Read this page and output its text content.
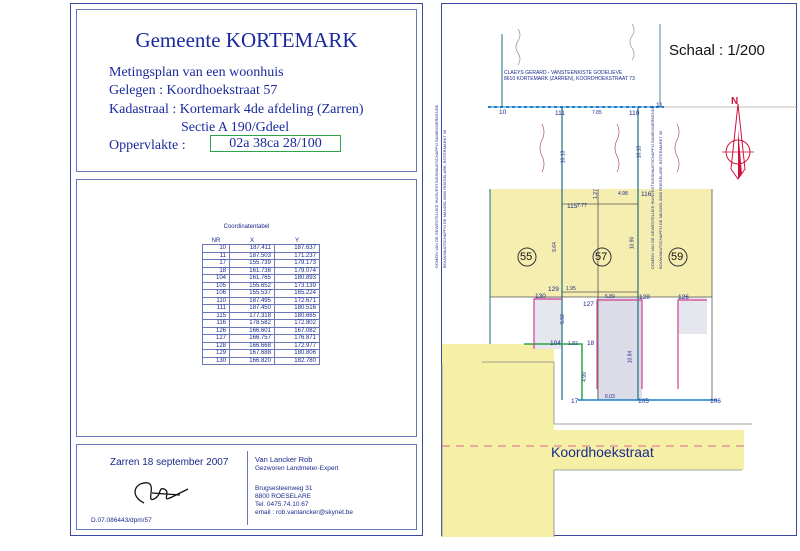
Gemeente KORTEMARK
Metingsplan van een woonhuis
Gelegen : Koordhoekstraat 57
Kadastraal : Kortemark 4de afdeling (Zarren)
Sectie A 190/Gdeel
Oppervlakte :	02a 38ca 28/100
Coordinatentabel
NR	X	Y
10	187.411	187.637
11	187.503	171.237
17	155.739	179.173
18	161.738	179.074
104	161.765	180.893
105	155.652	173.139
106	155.537	165.224
110	187.495	172.671
111	187.450	180.516
115	177.318	180.665
116	178.582	172.802
126	166.601	167.082
127	166.757	176.871
128	166.668	172.977
129	167.688	180.806
130	166.820	182.780
Zarren 18 september 2007
D.07.086443/dpm/57
Van Lancker Rob
Gezworen Landmeter-Expert
Brugsesteenweg 31
8800 ROESELARE
Tel. 0475.74.10.67
email : rob.vanlancker@skynet.be
Schaal : 1/200
55	57	59
N
CLAEYS GERARD - VANSTEENKISTE GODELIEVE
8610 KORTEMARK (ZARREN), KOORDHOEKSTRAAT 73
DOMEIN VAN DE GEWESTELIJKE HUISVESTINGSMAATSCHAPPIJ SAMENWERKENDE BOUWMAATSCHAPPIJ DE MANDEL 8800 ROESELARE, BOTERMARKT 30	DOMEIN VAN DE GEWESTELIJKE HUISVESTINGSMAATSCHAPPIJ SAMENWERKENDE BOUWMAATSCHAPPIJ DE MANDEL 8800 ROESELARE, BOTERMARKT 30
10
11
111	110
115
116
129
130
127
128	126
104	18
17	105	106
7.85
10.13	10.13
4.98
10.90
1.27
9.64
1.95
5.89
5.92
1.82
10.94
6.03
4.99
7.77
Koordhoekstraat
